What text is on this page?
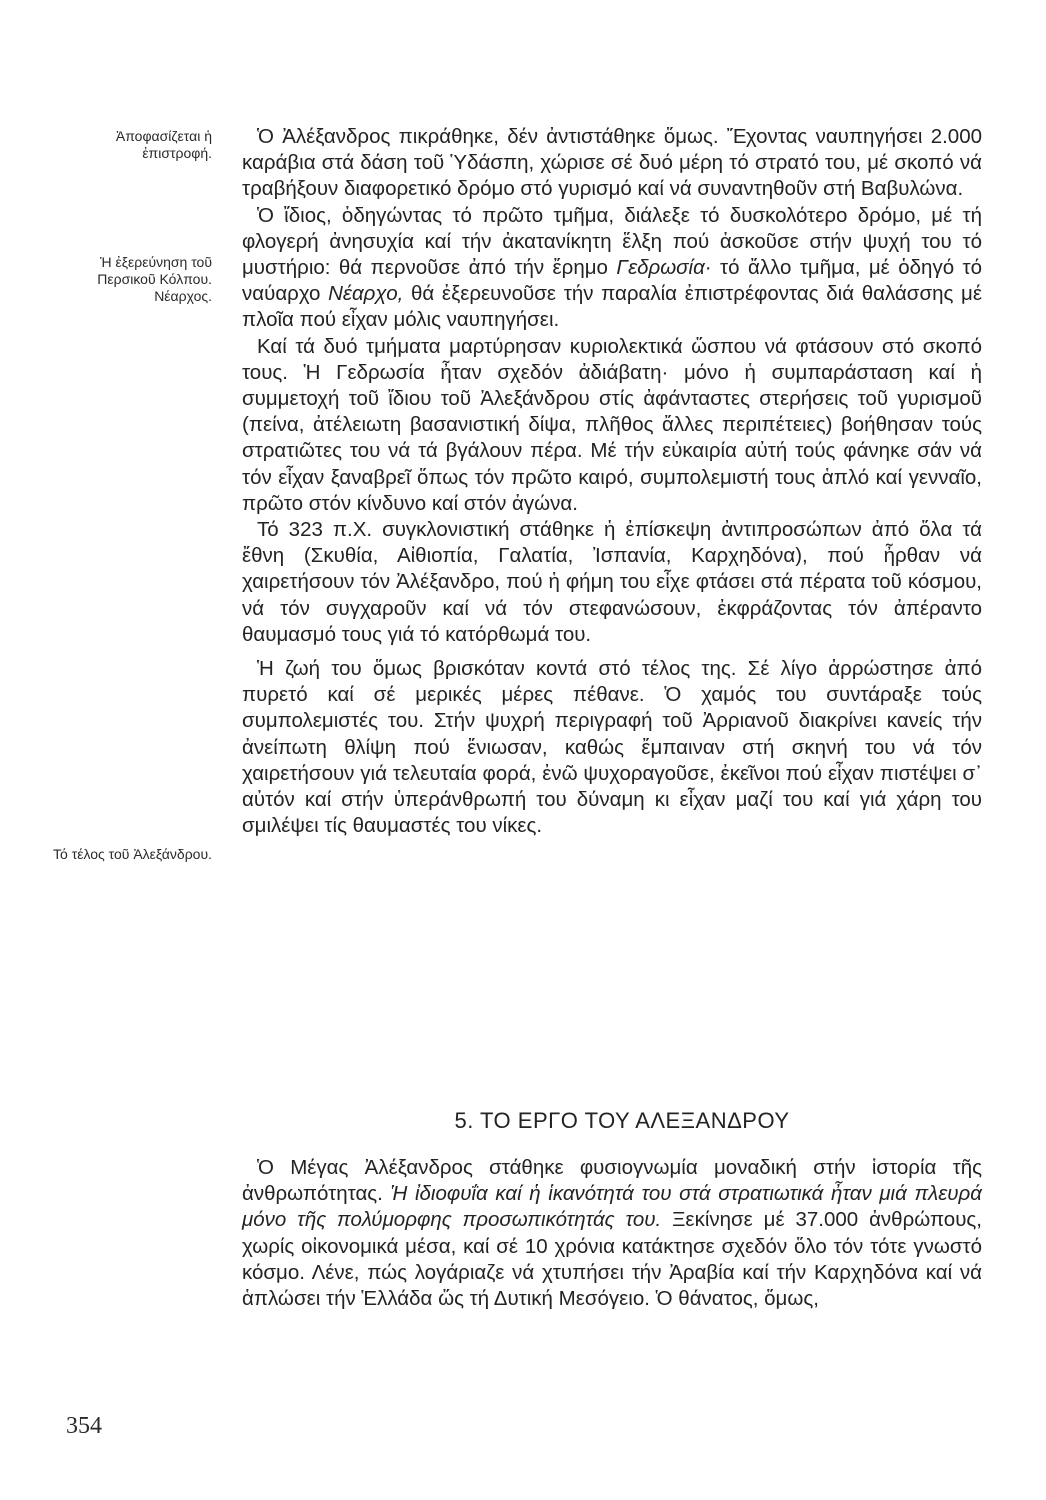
Ἀποφασίζεται ἡ ἐπιστροφή.
Ἡ ἐξερεύνηση τοῦ Περσικοῦ Κόλπου. Νέαρχος.
Τό τέλος τοῦ Ἀλεξάνδρου.

Ὁ Ἀλέξανδρος πικράθηκε, δέν ἀντιστάθηκε ὅμως. Ἔχοντας ναυπηγήσει 2.000 καράβια στά δάση τοῦ Ὑδάσπη, χώρισε σέ δυό μέρη τό στρατό του, μέ σκοπό νά τραβήξουν διαφορετικό δρόμο στό γυρισμό καί νά συναντηθοῦν στή Βαβυλώνα.

Ὁ ἴδιος, ὁδηγώντας τό πρῶτο τμῆμα, διάλεξε τό δυσκολότερο δρόμο, μέ τή φλογερή ἀνησυχία καί τήν ἀκατανίκητη ἕλξη πού ἀσκοῦσε στήν ψυχή του τό μυστήριο: θά περνοῦσε ἀπό τήν ἔρημο Γεδρωσία· τό ἄλλο τμῆμα, μέ ὁδηγό τό ναύαρχο Νέαρχο, θά ἐξερευνοῦσε τήν παραλία ἐπιστρέφοντας διά θαλάσσης μέ πλοῖα πού εἶχαν μόλις ναυπηγήσει.

Καί τά δυό τμήματα μαρτύρησαν κυριολεκτικά ὥσπου νά φτάσουν στό σκοπό τους. Ἡ Γεδρωσία ἦταν σχεδόν ἀδιάβατη· μόνο ἡ συμπαράσταση καί ἡ συμμετοχή τοῦ ἴδιου τοῦ Ἀλεξάνδρου στίς ἀφάνταστες στερήσεις τοῦ γυρισμοῦ (πείνα, ἀτέλειωτη βασανιστική δίψα, πλῆθος ἄλλες περιπέτειες) βοήθησαν τούς στρατιῶτες του νά τά βγάλουν πέρα. Μέ τήν εὐκαιρία αὐτή τούς φάνηκε σάν νά τόν εἶχαν ξαναβρεῖ ὅπως τόν πρῶτο καιρό, συμπολεμιστή τους ἁπλό καί γενναῖο, πρῶτο στόν κίνδυνο καί στόν ἀγώνα.

Τό 323 π.Χ. συγκλονιστική στάθηκε ἡ ἐπίσκεψη ἀντιπροσώπων ἀπό ὅλα τά ἔθνη (Σκυθία, Αἰθιοπία, Γαλατία, Ἰσπανία, Καρχηδόνα), πού ἦρθαν νά χαιρετήσουν τόν Ἀλέξανδρο, πού ἡ φήμη του εἶχε φτάσει στά πέρατα τοῦ κόσμου, νά τόν συγχαροῦν καί νά τόν στεφανώσουν, ἐκφράζοντας τόν ἀπέραντο θαυμασμό τους γιά τό κατόρθωμά του.

Ἡ ζωή του ὅμως βρισκόταν κοντά στό τέλος της. Σέ λίγο ἀρρώστησε ἀπό πυρετό καί σέ μερικές μέρες πέθανε. Ὁ χαμός του συντάραξε τούς συμπολεμιστές του. Στήν ψυχρή περιγραφή τοῦ Ἀρριανοῦ διακρίνει κανείς τήν ἀνείπωτη θλίψη πού ἔνιωσαν, καθώς ἔμπαιναν στή σκηνή του νά τόν χαιρετήσουν γιά τελευταία φορά, ἐνῶ ψυχοραγοῦσε, ἐκεῖνοι πού εἶχαν πιστέψει σ᾽ αὐτόν καί στήν ὑπεράνθρωπή του δύναμη κι εἶχαν μαζί του καί γιά χάρη του σμιλέψει τίς θαυμαστές του νίκες.

5. ΤΟ ΕΡΓΟ ΤΟΥ ΑΛΕΞΑΝΔΡΟΥ

Ὁ Μέγας Ἀλέξανδρος στάθηκε φυσιογνωμία μοναδική στήν ἱστορία τῆς ἀνθρωπότητας. Ἡ ἰδιοφυΐα καί ἡ ἱκανότητά του στά στρατιωτικά ἦταν μιά πλευρά μόνο τῆς πολύμορφης προσωπικότητάς του. Ξεκίνησε μέ 37.000 ἀνθρώπους, χωρίς οἰκονομικά μέσα, καί σέ 10 χρόνια κατάκτησε σχεδόν ὅλο τόν τότε γνωστό κόσμο. Λένε, πώς λογάριαζε νά χτυπήσει τήν Ἀραβία καί τήν Καρχηδόνα καί νά ἁπλώσει τήν Ἑλλάδα ὥς τή Δυτική Μεσόγειο. Ὁ θάνατος, ὅμως,

354
